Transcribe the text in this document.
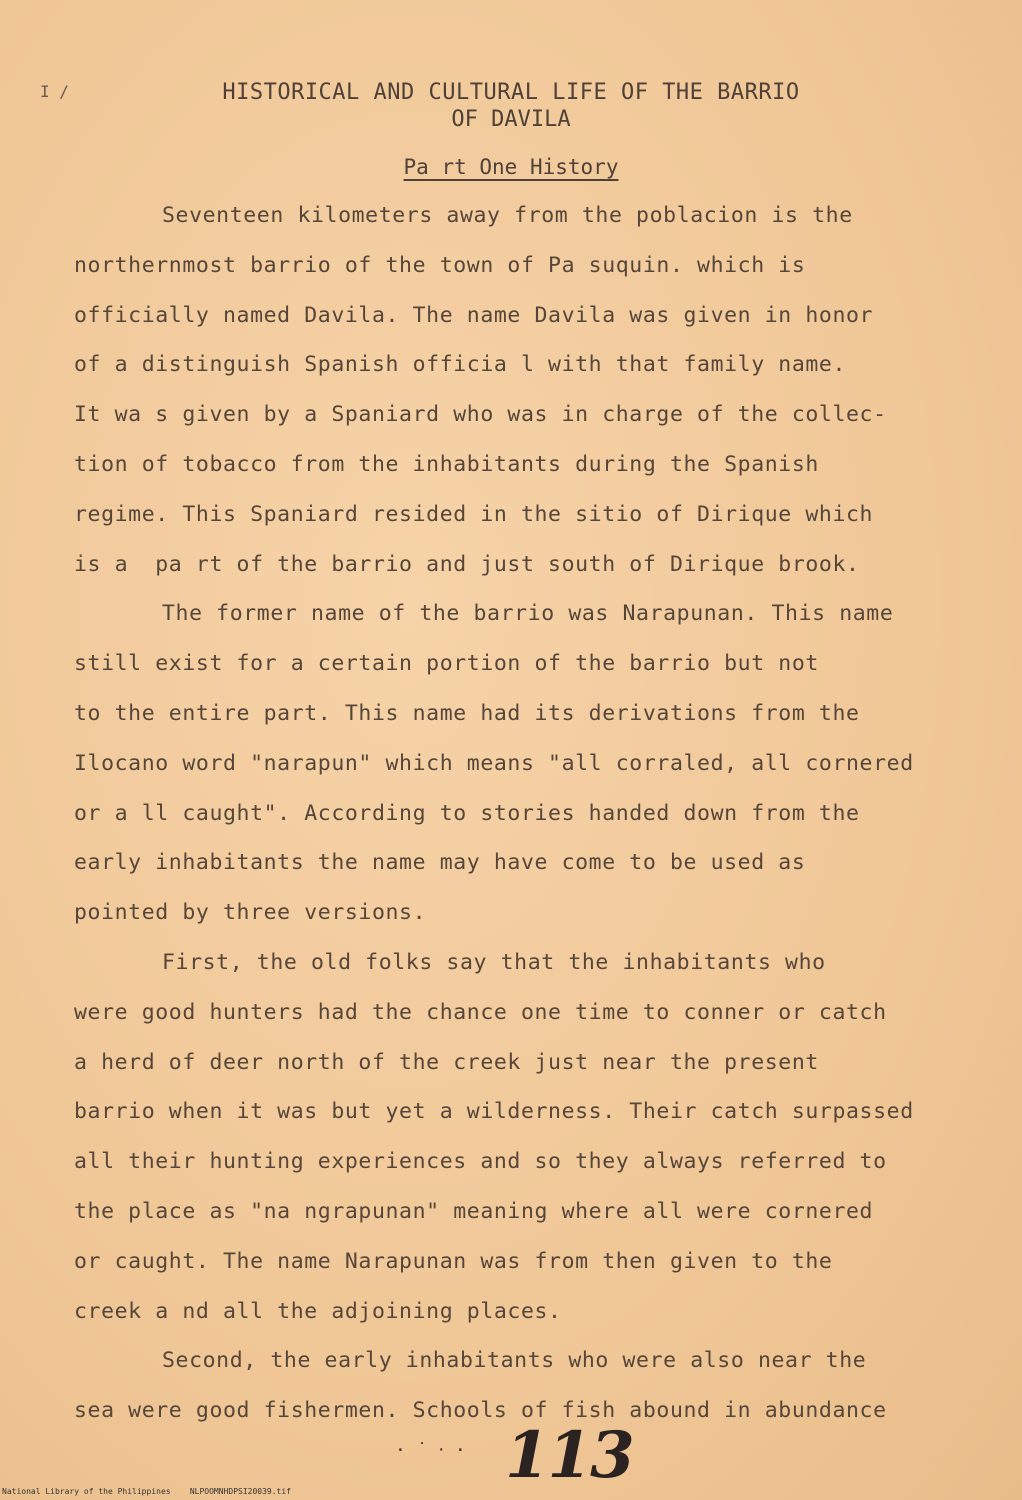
I /	HISTORICAL AND CULTURAL LIFE OF THE BARRIO
OF DAVILA
Pa rt One History
Seventeen kilometers away from the poblacion is the
northernmost barrio of the town of Pa suquin. which is
officially named Davila. The name Davila was given in honor
of a distinguish Spanish officia l with that family name.
It wa s given by a Spaniard who was in charge of the collec-
tion of tobacco from the inhabitants during the Spanish
regime. This Spaniard resided in the sitio of Dirique which
is a  pa rt of the barrio and just south of Dirique brook.
The former name of the barrio was Narapunan. This name
still exist for a certain portion of the barrio but not
to the entire part. This name had its derivations from the
Ilocano word "narapun" which means "all corraled, all cornered
or a ll caught". According to stories handed down from the
early inhabitants the name may have come to be used as
pointed by three versions.
First, the old folks say that the inhabitants who
were good hunters had the chance one time to conner or catch
a herd of deer north of the creek just near the present
barrio when it was but yet a wilderness. Their catch surpassed
all their hunting experiences and so they always referred to
the place as "na ngrapunan" meaning where all were cornered
or caught. The name Narapunan was from then given to the
creek a nd all the adjoining places.
Second, the early inhabitants who were also near the
sea were good fishermen. Schools of fish abound in abundance
· ˙ ‧ · 113
National Library of the Philippines    NLPOOMNHDPSI20039.tif
